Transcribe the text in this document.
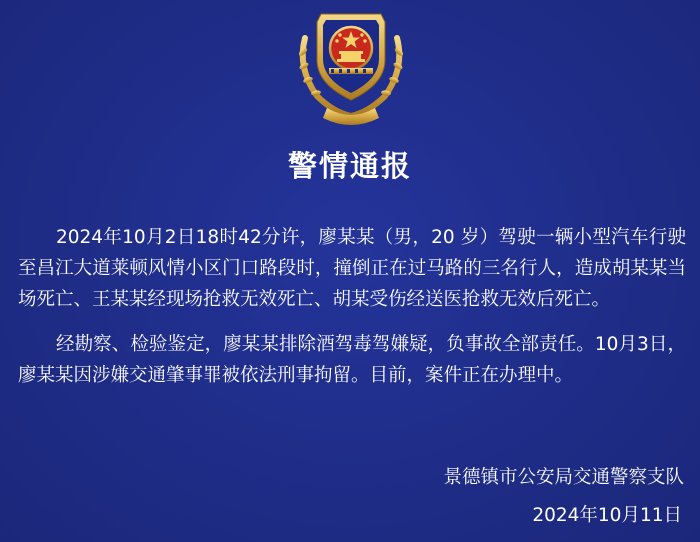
警情通报

2024年10月2日18时42分许，廖某某（男，20 岁）驾驶一辆小型汽车行驶至昌江大道莱顿风情小区门口路段时，撞倒正在过马路的三名行人，造成胡某某当场死亡、王某某经现场抢救无效死亡、胡某受伤经送医抢救无效后死亡。

经勘察、检验鉴定，廖某某排除酒驾毒驾嫌疑，负事故全部责任。10月3日，廖某某因涉嫌交通肇事罪被依法刑事拘留。目前，案件正在办理中。

景德镇市公安局交通警察支队
2024年10月11日
